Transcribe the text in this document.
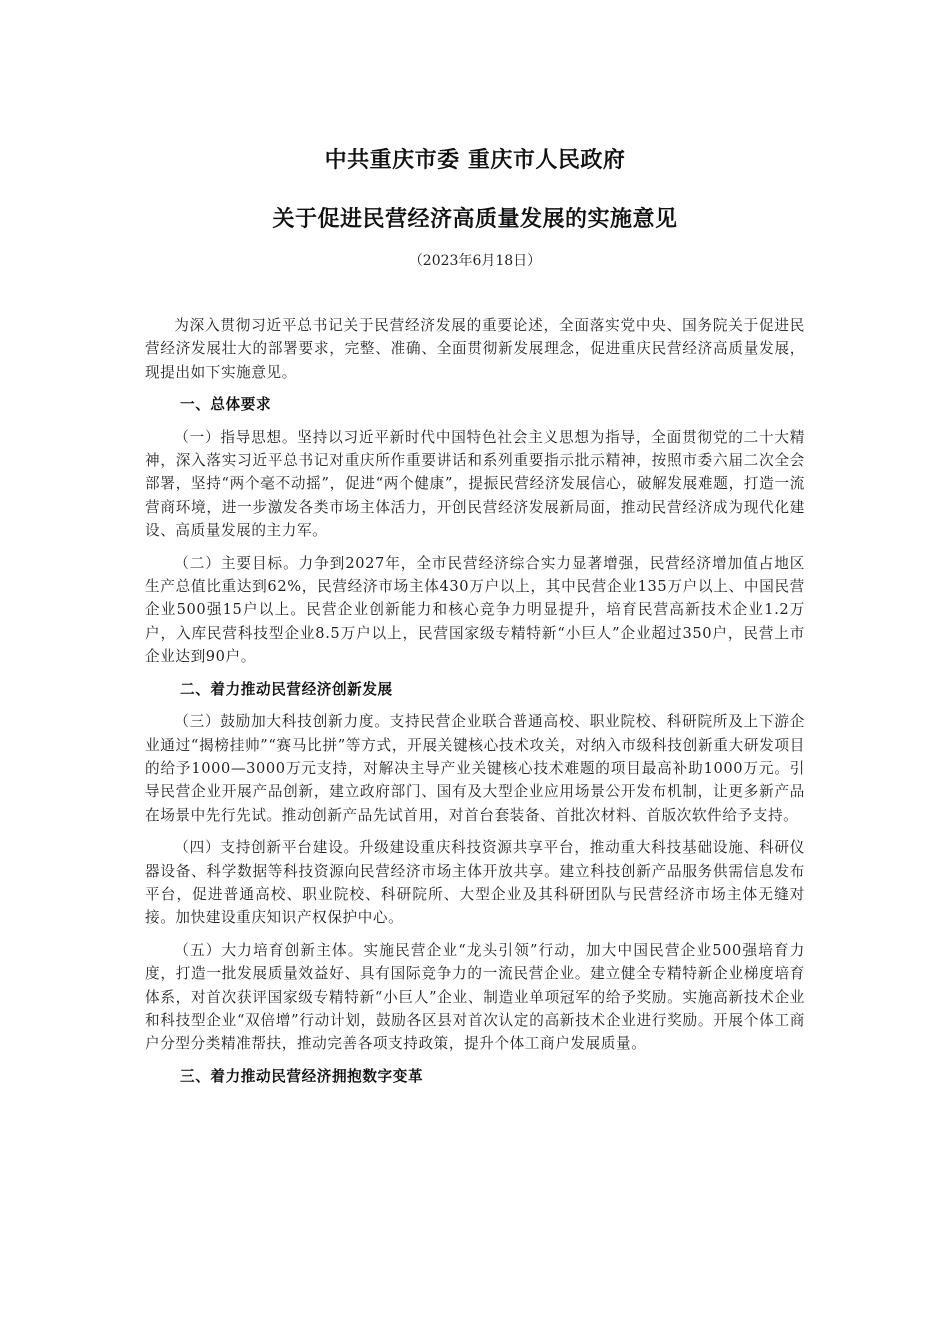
中共重庆市委 重庆市人民政府
关于促进民营经济高质量发展的实施意见
（2023年6月18日）

为深入贯彻习近平总书记关于民营经济发展的重要论述，全面落实党中央、国务院关于促进民营经济发展壮大的部署要求，完整、准确、全面贯彻新发展理念，促进重庆民营经济高质量发展，现提出如下实施意见。

一、总体要求

（一）指导思想。坚持以习近平新时代中国特色社会主义思想为指导，全面贯彻党的二十大精神，深入落实习近平总书记对重庆所作重要讲话和系列重要指示批示精神，按照市委六届二次全会部署，坚持“两个毫不动摇”，促进“两个健康”，提振民营经济发展信心，破解发展难题，打造一流营商环境，进一步激发各类市场主体活力，开创民营经济发展新局面，推动民营经济成为现代化建设、高质量发展的主力军。

（二）主要目标。力争到2027年，全市民营经济综合实力显著增强，民营经济增加值占地区生产总值比重达到62%，民营经济市场主体430万户以上，其中民营企业135万户以上、中国民营企业500强15户以上。民营企业创新能力和核心竞争力明显提升，培育民营高新技术企业1.2万户，入库民营科技型企业8.5万户以上，民营国家级专精特新“小巨人”企业超过350户，民营上市企业达到90户。

二、着力推动民营经济创新发展

（三）鼓励加大科技创新力度。支持民营企业联合普通高校、职业院校、科研院所及上下游企业通过“揭榜挂帅”“赛马比拼”等方式，开展关键核心技术攻关，对纳入市级科技创新重大研发项目的给予1000—3000万元支持，对解决主导产业关键核心技术难题的项目最高补助1000万元。引导民营企业开展产品创新，建立政府部门、国有及大型企业应用场景公开发布机制，让更多新产品在场景中先行先试。推动创新产品先试首用，对首台套装备、首批次材料、首版次软件给予支持。

（四）支持创新平台建设。升级建设重庆科技资源共享平台，推动重大科技基础设施、科研仪器设备、科学数据等科技资源向民营经济市场主体开放共享。建立科技创新产品服务供需信息发布平台，促进普通高校、职业院校、科研院所、大型企业及其科研团队与民营经济市场主体无缝对接。加快建设重庆知识产权保护中心。

（五）大力培育创新主体。实施民营企业“龙头引领”行动，加大中国民营企业500强培育力度，打造一批发展质量效益好、具有国际竞争力的一流民营企业。建立健全专精特新企业梯度培育体系，对首次获评国家级专精特新“小巨人”企业、制造业单项冠军的给予奖励。实施高新技术企业和科技型企业“双倍增”行动计划，鼓励各区县对首次认定的高新技术企业进行奖励。开展个体工商户分型分类精准帮扶，推动完善各项支持政策，提升个体工商户发展质量。

三、着力推动民营经济拥抱数字变革
